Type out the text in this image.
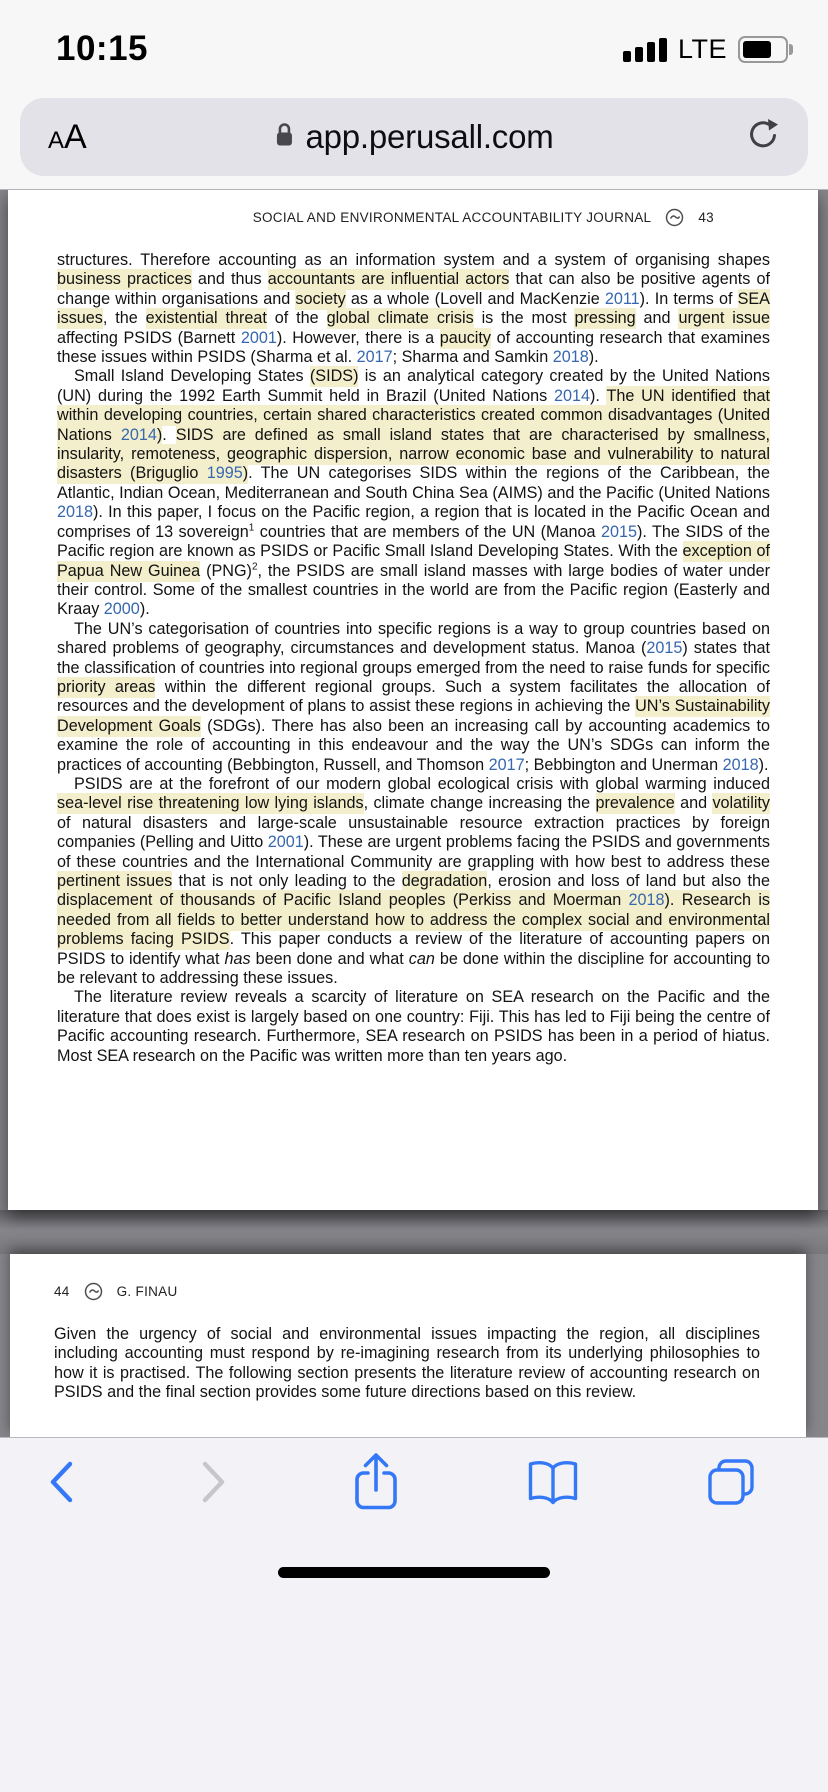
10:15	LTE
A A	app.perusall.com
SOCIAL AND ENVIRONMENTAL ACCOUNTABILITY JOURNAL	43

structures. Therefore accounting as an information system and a system of organising shapes business practices and thus accountants are influential actors that can also be positive agents of change within organisations and society as a whole (Lovell and MacKenzie 2011). In terms of SEA issues, the existential threat of the global climate crisis is the most pressing and urgent issue affecting PSIDS (Barnett 2001). However, there is a paucity of accounting research that examines these issues within PSIDS (Sharma et al. 2017; Sharma and Samkin 2018).

Small Island Developing States (SIDS) is an analytical category created by the United Nations (UN) during the 1992 Earth Summit held in Brazil (United Nations 2014). The UN identified that within developing countries, certain shared characteristics created common disadvantages (United Nations 2014). SIDS are defined as small island states that are characterised by smallness, insularity, remoteness, geographic dispersion, narrow economic base and vulnerability to natural disasters (Briguglio 1995). The UN categorises SIDS within the regions of the Caribbean, the Atlantic, Indian Ocean, Mediterranean and South China Sea (AIMS) and the Pacific (United Nations 2018). In this paper, I focus on the Pacific region, a region that is located in the Pacific Ocean and comprises of 13 sovereign$^1$ countries that are members of the UN (Manoa 2015). The SIDS of the Pacific region are known as PSIDS or Pacific Small Island Developing States. With the exception of Papua New Guinea (PNG)$^2$, the PSIDS are small island masses with large bodies of water under their control. Some of the smallest countries in the world are from the Pacific region (Easterly and Kraay 2000).

The UN’s categorisation of countries into specific regions is a way to group countries based on shared problems of geography, circumstances and development status. Manoa (2015) states that the classification of countries into regional groups emerged from the need to raise funds for specific priority areas within the different regional groups. Such a system facilitates the allocation of resources and the development of plans to assist these regions in achieving the UN’s Sustainability Development Goals (SDGs). There has also been an increasing call by accounting academics to examine the role of accounting in this endeavour and the way the UN’s SDGs can inform the practices of accounting (Bebbington, Russell, and Thomson 2017; Bebbington and Unerman 2018).

PSIDS are at the forefront of our modern global ecological crisis with global warming induced sea-level rise threatening low lying islands, climate change increasing the prevalence and volatility of natural disasters and large-scale unsustainable resource extraction practices by foreign companies (Pelling and Uitto 2001). These are urgent problems facing the PSIDS and governments of these countries and the International Community are grappling with how best to address these pertinent issues that is not only leading to the degradation, erosion and loss of land but also the displacement of thousands of Pacific Island peoples (Perkiss and Moerman 2018). Research is needed from all fields to better understand how to address the complex social and environmental problems facing PSIDS. This paper conducts a review of the literature of accounting papers on PSIDS to identify what has been done and what can be done within the discipline for accounting to be relevant to addressing these issues.

The literature review reveals a scarcity of literature on SEA research on the Pacific and the literature that does exist is largely based on one country: Fiji. This has led to Fiji being the centre of Pacific accounting research. Furthermore, SEA research on PSIDS has been in a period of hiatus. Most SEA research on the Pacific was written more than ten years ago.

44	G. FINAU

Given the urgency of social and environmental issues impacting the region, all disciplines including accounting must respond by re-imagining research from its underlying philosophies to how it is practised. The following section presents the literature review of accounting research on PSIDS and the final section provides some future directions based on this review.
